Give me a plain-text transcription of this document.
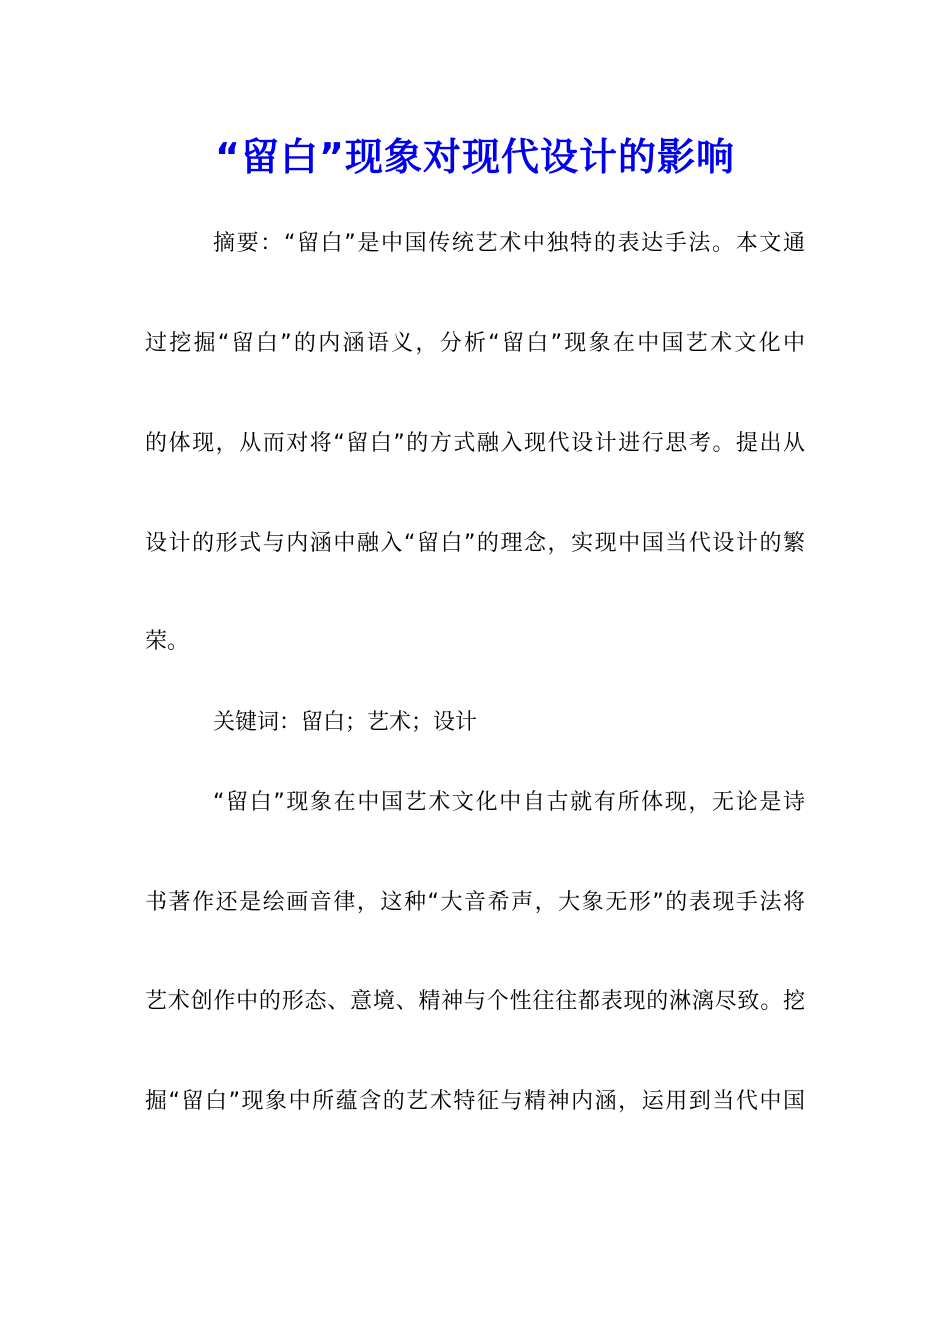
“留白”现象对现代设计的影响
摘要：“留白”是中国传统艺术中独特的表达手法。本文通
过挖掘“留白”的内涵语义，分析“留白”现象在中国艺术文化中
的体现，从而对将“留白”的方式融入现代设计进行思考。提出从
设计的形式与内涵中融入“留白”的理念，实现中国当代设计的繁
荣。
关键词：留白；艺术；设计
“留白”现象在中国艺术文化中自古就有所体现，无论是诗
书著作还是绘画音律，这种“大音希声，大象无形”的表现手法将
艺术创作中的形态、意境、精神与个性往往都表现的淋漓尽致。挖
掘“留白”现象中所蕴含的艺术特征与精神内涵，运用到当代中国
